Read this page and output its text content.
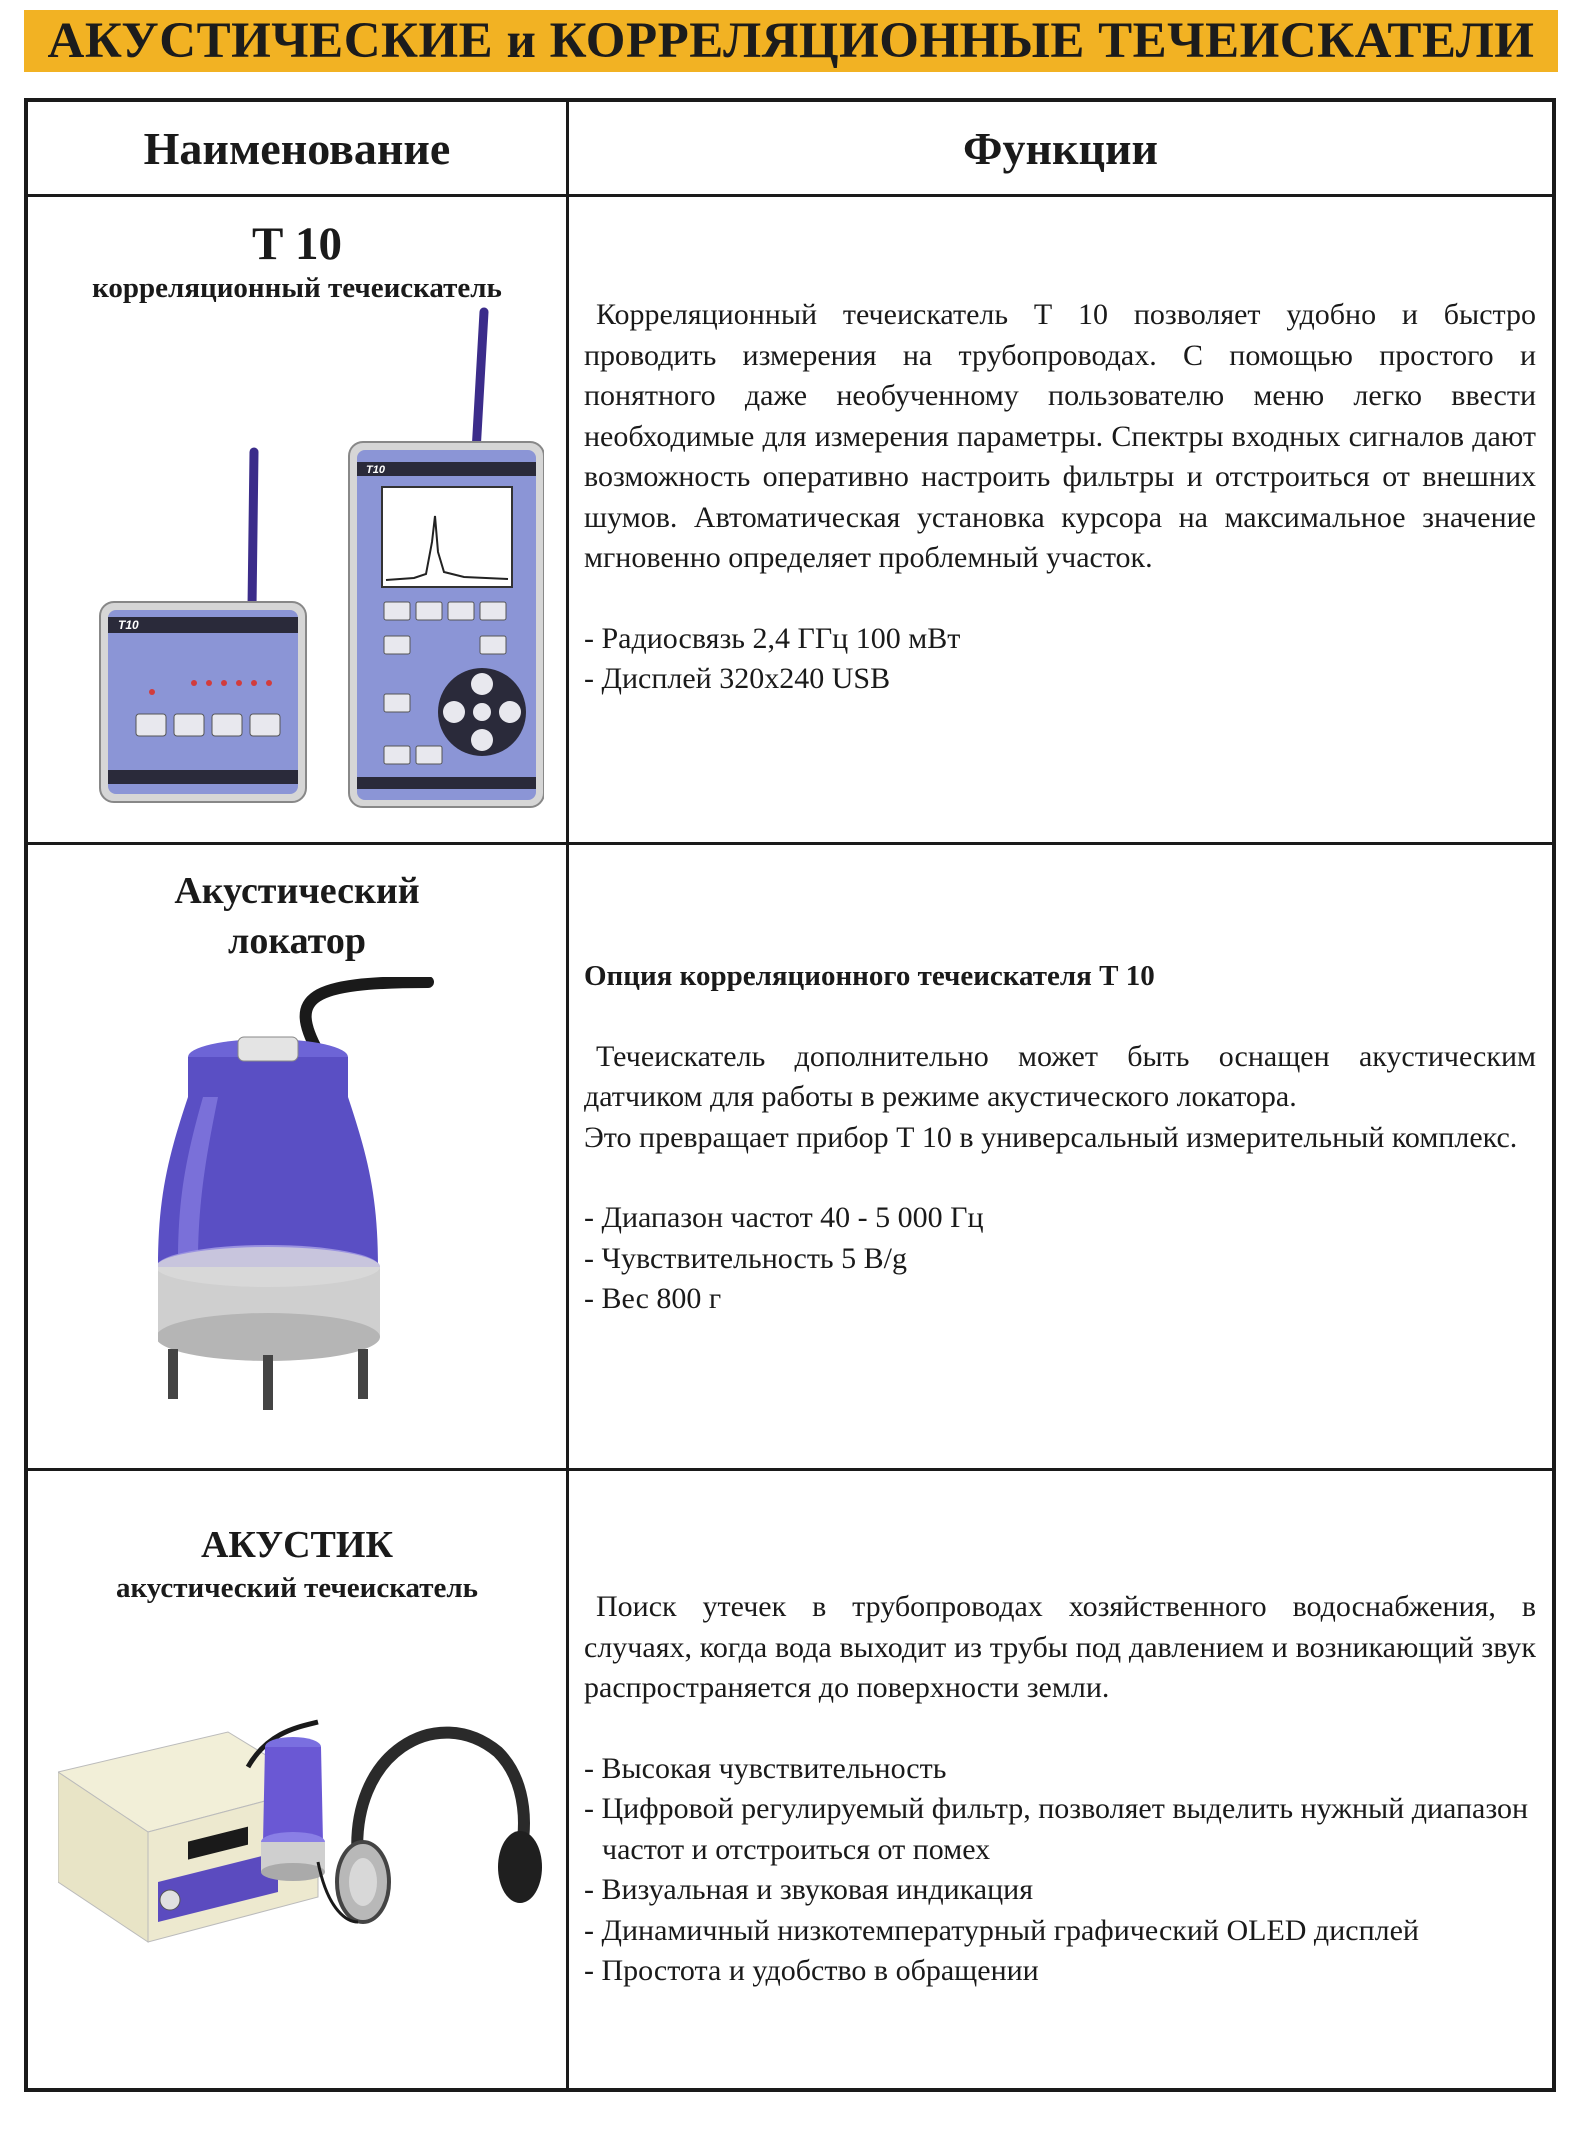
АКУСТИЧЕСКИЕ и КОРРЕЛЯЦИОННЫЕ ТЕЧЕИСКАТЕЛИ
Наименование	Функции
Т 10
корреляционный течеискатель
T10
T10

Корреляционный течеискатель Т 10 позволяет удобно и быстро проводить измерения на трубопроводах. С помощью простого и понятного даже необученному пользователю меню легко ввести необходимые для измерения параметры. Спектры входных сигналов дают возможность оперативно настроить фильтры и отстроиться от внешних шумов. Автоматическая установка курсора на максимальное значение мгновенно определяет проблемный участок.

- Радиосвязь 2,4 ГГц 100 мВт
- Дисплей 320х240 USB
Акустический
локатор

Опция корреляционного течеискателя Т 10

Течеискатель дополнительно может быть оснащен акустическим датчиком для работы в режиме акустического локатора.

Это превращает прибор Т 10 в универсальный измерительный комплекс.

- Диапазон частот 40 - 5 000 Гц
- Чувствительность 5 В/g
- Вес 800 г
АКУСТИК
акустический течеискатель

Поиск утечек в трубопроводах хозяйственного водоснабжения, в случаях, когда вода выходит из трубы под давлением и возникающий звук распространяется до поверхности земли.

- Высокая чувствительность
- Цифровой регулируемый фильтр, позволяет выделить нужный диапазон частот и отстроиться от помех
- Визуальная и звуковая индикация
- Динамичный низкотемпературный графический OLED дисплей
- Простота и удобство в обращении
